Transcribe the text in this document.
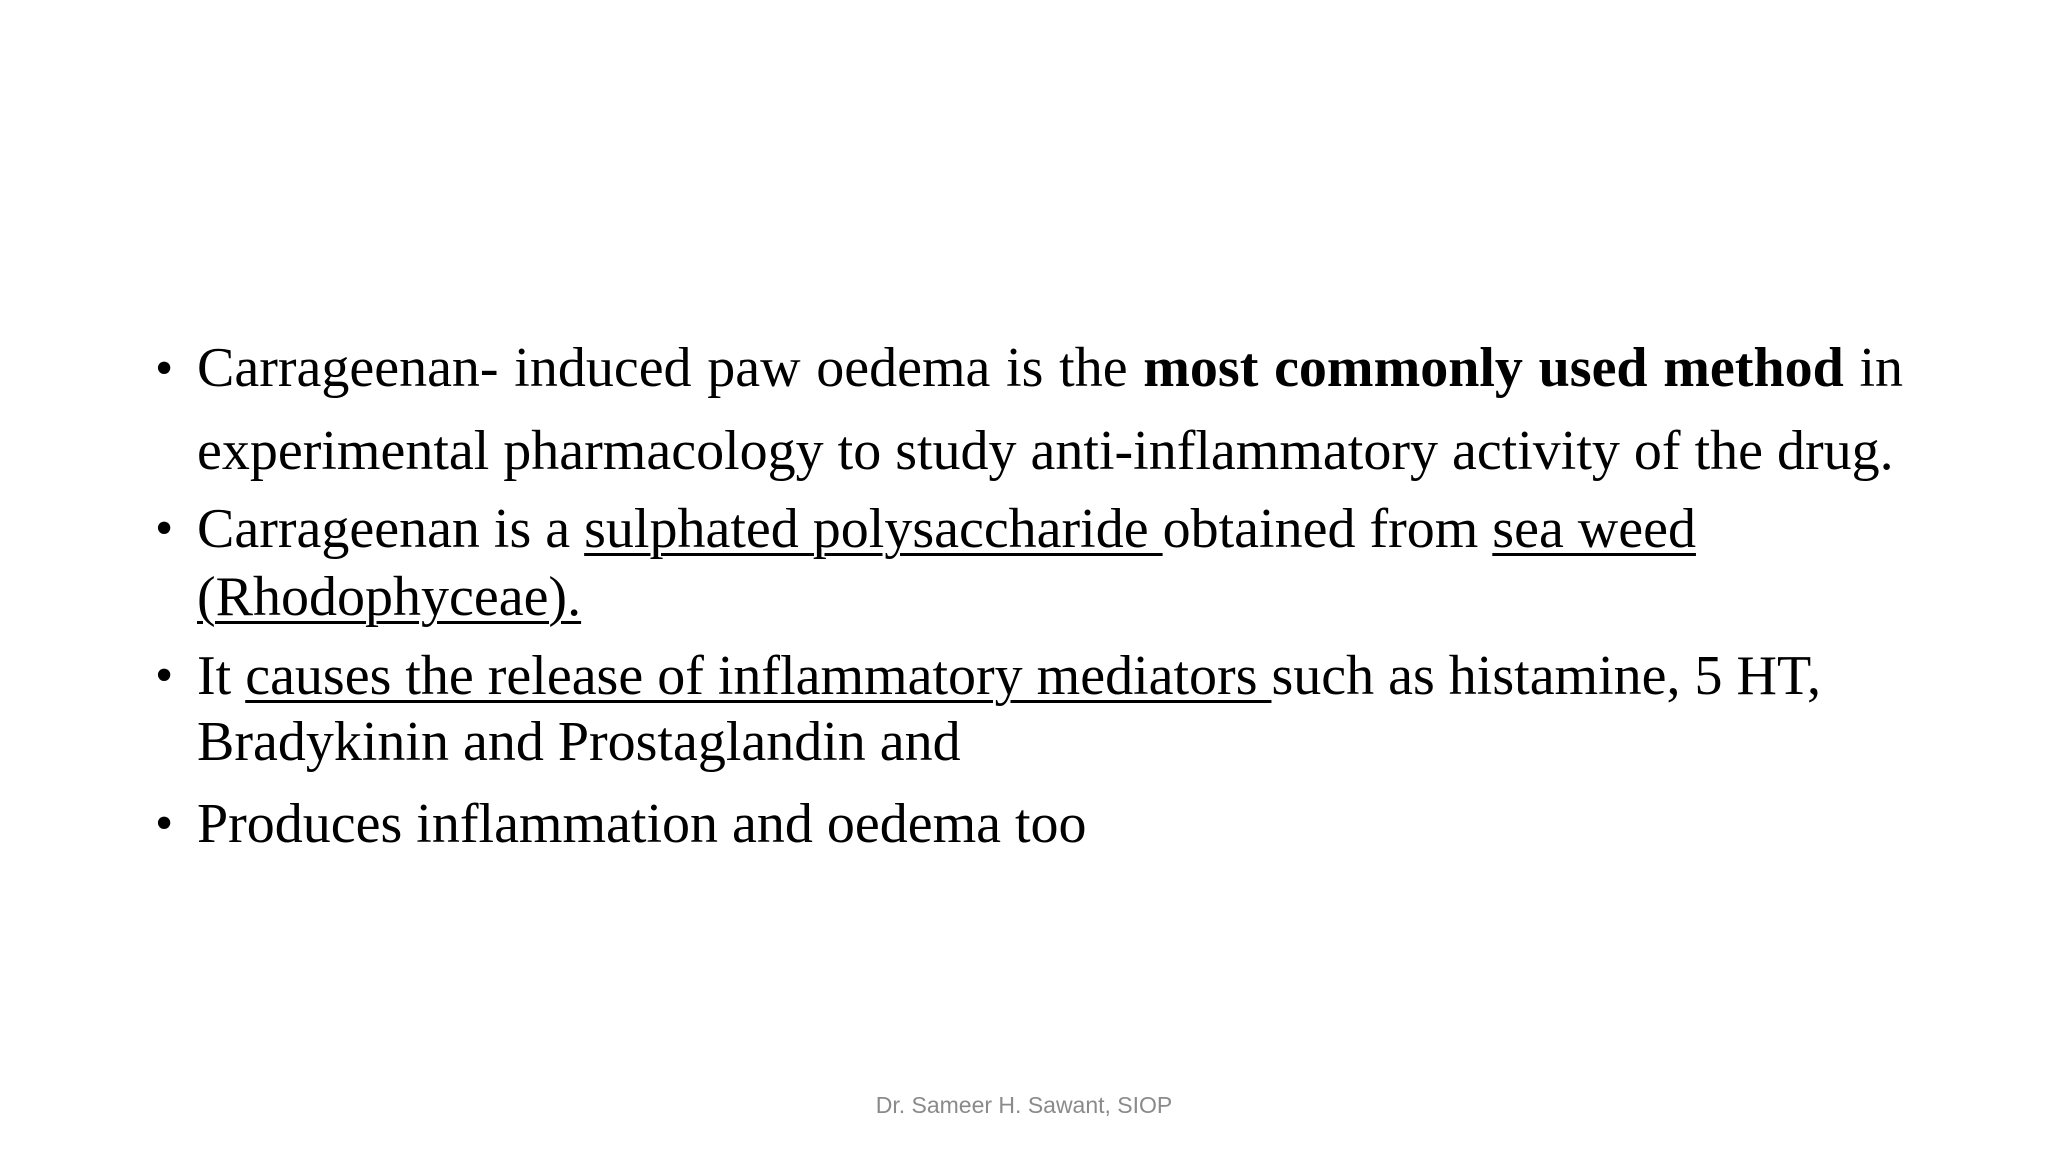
• Carrageenan- induced paw oedema is the most commonly used method in experimental pharmacology to study anti-inflammatory activity of the drug.
• Carrageenan is a sulphated polysaccharide obtained from sea weed (Rhodophyceae).
• It causes the release of inflammatory mediators such as histamine, 5 HT, Bradykinin and Prostaglandin and
• Produces inflammation and oedema too
Dr. Sameer H. Sawant, SIOP
